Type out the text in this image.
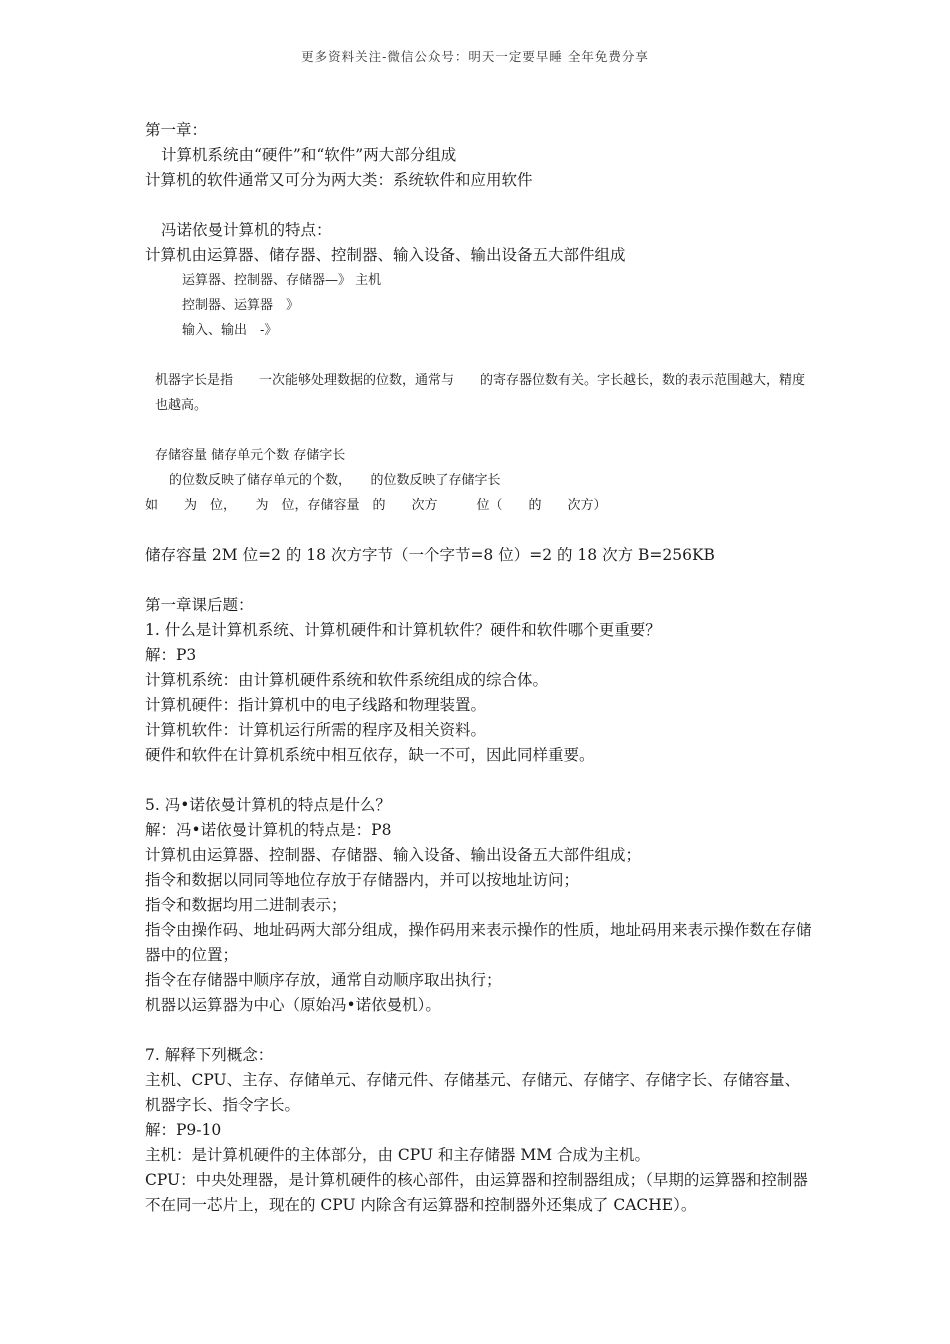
更多资料关注-微信公众号：明天一定要早睡 全年免费分享
第一章：
计算机系统由“硬件”和“软件”两大部分组成
计算机的软件通常又可分为两大类：系统软件和应用软件
冯诺依曼计算机的特点：
计算机由运算器、储存器、控制器、输入设备、输出设备五大部件组成
运算器、控制器、存储器—》 主机
控制器、运算器　》
输入、输出　-》
机器字长是指　　一次能够处理数据的位数，通常与　　的寄存器位数有关。字长越长，数的表示范围越大，精度也越高。
存储容量 储存单元个数 存储字长
的位数反映了储存单元的个数，　　的位数反映了存储字长
如　　为　位，　　为　位，存储容量　的　　次方　　　位（　　的　　次方）
储存容量 2M 位=2 的 18 次方字节（一个字节=8 位）=2 的 18 次方 B=256KB
第一章课后题：
1. 什么是计算机系统、计算机硬件和计算机软件？硬件和软件哪个更重要？
解：P3
计算机系统：由计算机硬件系统和软件系统组成的综合体。
计算机硬件：指计算机中的电子线路和物理装置。
计算机软件：计算机运行所需的程序及相关资料。
硬件和软件在计算机系统中相互依存，缺一不可，因此同样重要。
5. 冯•诺依曼计算机的特点是什么？
解：冯•诺依曼计算机的特点是：P8
计算机由运算器、控制器、存储器、输入设备、输出设备五大部件组成；
指令和数据以同同等地位存放于存储器内，并可以按地址访问；
指令和数据均用二进制表示；
指令由操作码、地址码两大部分组成，操作码用来表示操作的性质，地址码用来表示操作数在存储器中的位置；
指令在存储器中顺序存放，通常自动顺序取出执行；
机器以运算器为中心（原始冯•诺依曼机）。
7. 解释下列概念：
主机、CPU、主存、存储单元、存储元件、存储基元、存储元、存储字、存储字长、存储容量、机器字长、指令字长。
解：P9-10
主机：是计算机硬件的主体部分，由 CPU 和主存储器 MM 合成为主机。
CPU：中央处理器，是计算机硬件的核心部件，由运算器和控制器组成；（早期的运算器和控制器不在同一芯片上，现在的 CPU 内除含有运算器和控制器外还集成了 CACHE）。
